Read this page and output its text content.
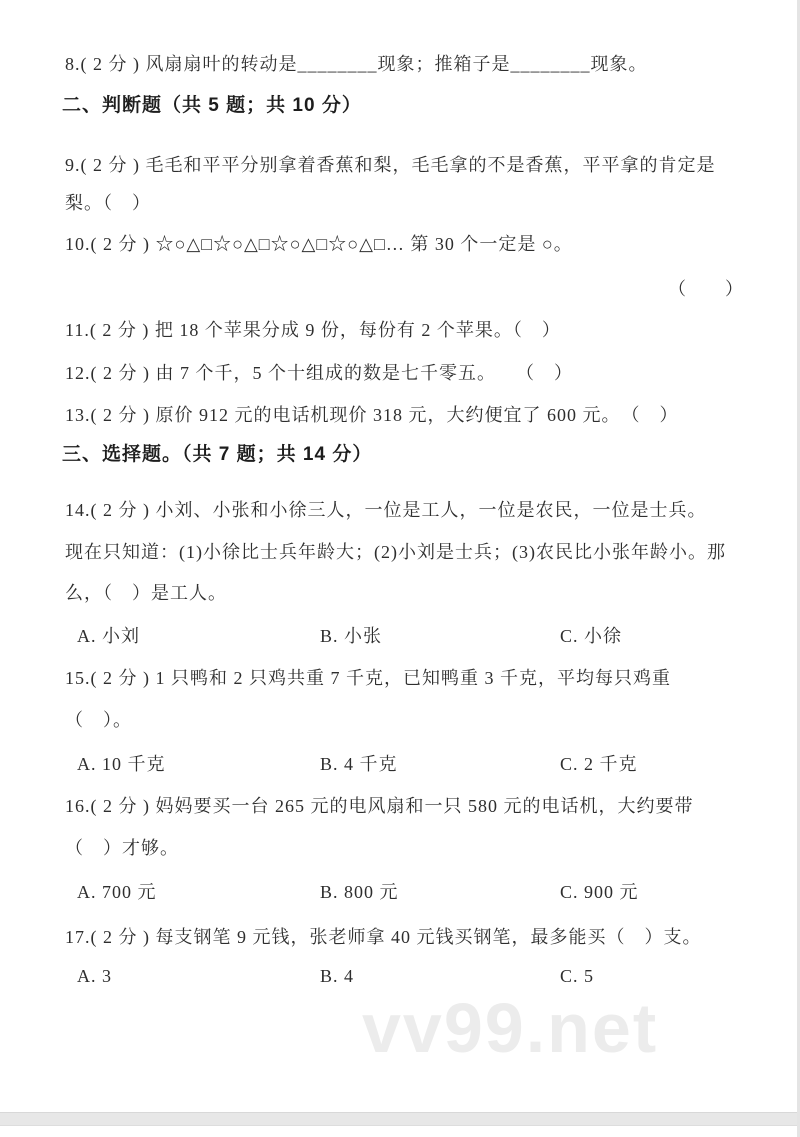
8.( 2 分 ) 风扇扇叶的转动是________现象；推箱子是________现象。
二、判断题（共 5 题；共 10 分）
9.( 2 分 ) 毛毛和平平分别拿着香蕉和梨，毛毛拿的不是香蕉，平平拿的肯定是
梨。（　）
10.( 2 分 ) ☆○△□☆○△□☆○△□☆○△□… 第 30 个一定是 ○。
（　　）
11.( 2 分 ) 把 18 个苹果分成 9 份，每份有 2 个苹果。（　）
12.( 2 分 ) 由 7 个千，5 个十组成的数是七千零五。　　（　）
13.( 2 分 ) 原价 912 元的电话机现价 318 元，大约便宜了 600 元。　（　）
三、选择题。（共 7 题；共 14 分）
14.( 2 分 ) 小刘、小张和小徐三人，一位是工人，一位是农民，一位是士兵。
现在只知道：(1)小徐比士兵年龄大；(2)小刘是士兵；(3)农民比小张年龄小。那
么，（　）是工人。
A. 小刘	B. 小张	C. 小徐
15.( 2 分 ) 1 只鸭和 2 只鸡共重 7 千克，已知鸭重 3 千克，平均每只鸡重
（　）。
A. 10 千克	B. 4 千克	C. 2 千克
16.( 2 分 ) 妈妈要买一台 265 元的电风扇和一只 580 元的电话机，大约要带
（　）才够。
A. 700 元	B. 800 元	C. 900 元
17.( 2 分 ) 每支钢笔 9 元钱，张老师拿 40 元钱买钢笔，最多能买（　）支。
A. 3	B. 4	C. 5
vv99.net
